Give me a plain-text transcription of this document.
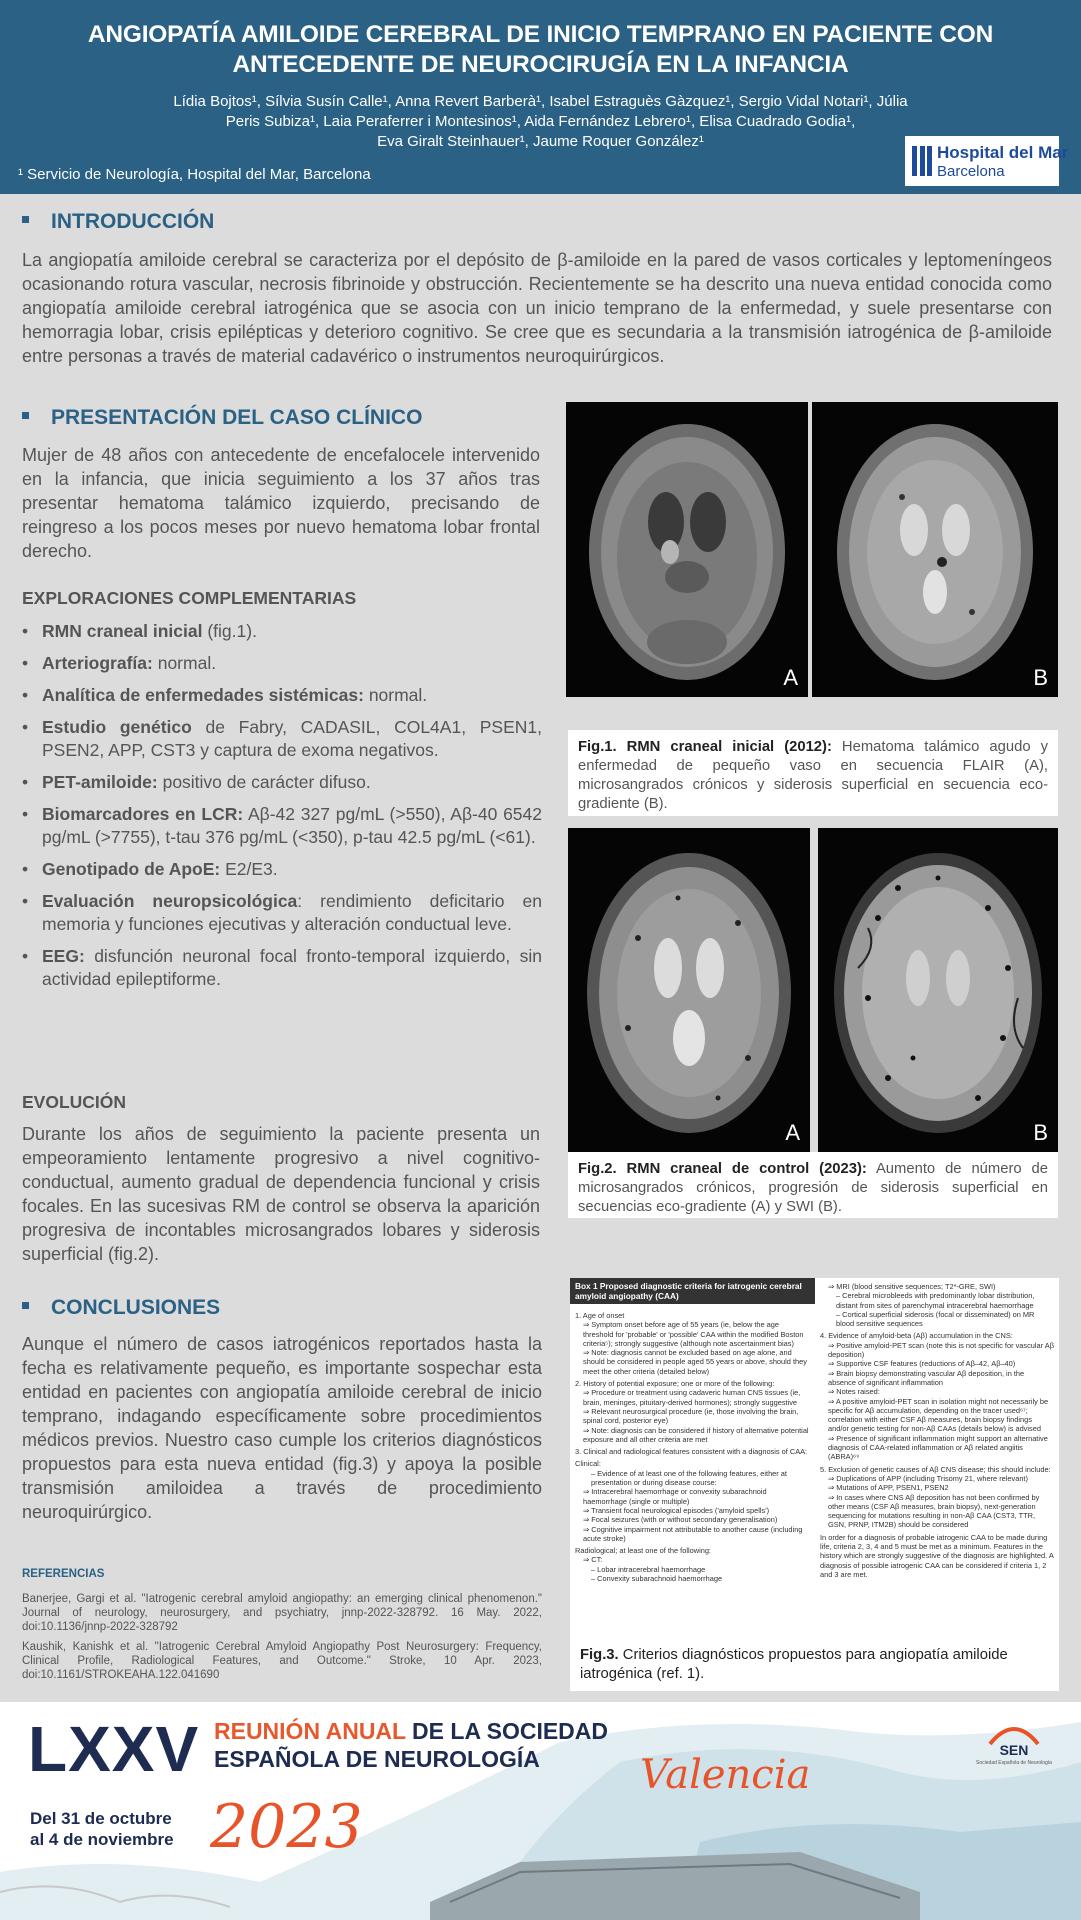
ANGIOPATÍA AMILOIDE CEREBRAL DE INICIO TEMPRANO EN PACIENTE CON
ANTECEDENTE DE NEUROCIRUGÍA EN LA INFANCIA
Lídia Bojtos¹, Sílvia Susín Calle¹, Anna Revert Barberà¹, Isabel Estraguès Gàzquez¹, Sergio Vidal Notari¹, Júlia
Peris Subiza¹, Laia Peraferrer i Montesinos¹, Aida Fernández Lebrero¹, Elisa Cuadrado Godia¹,
Eva Giralt Steinhauer¹, Jaume Roquer González¹
¹ Servicio de Neurología, Hospital del Mar, Barcelona
Hospital del Mar
Barcelona
INTRODUCCIÓN
La angiopatía amiloide cerebral se caracteriza por el depósito de β-amiloide en la pared de vasos corticales y leptomeníngeos ocasionando rotura vascular, necrosis fibrinoide y obstrucción. Recientemente se ha descrito una nueva entidad conocida como angiopatía amiloide cerebral iatrogénica que se asocia con un inicio temprano de la enfermedad, y suele presentarse con hemorragia lobar, crisis epilépticas y deterioro cognitivo. Se cree que es secundaria a la transmisión iatrogénica de β-amiloide entre personas a través de material cadavérico o instrumentos neuroquirúrgicos.
PRESENTACIÓN DEL CASO CLÍNICO
Mujer de 48 años con antecedente de encefalocele intervenido en la infancia, que inicia seguimiento a los 37 años tras presentar hematoma talámico izquierdo, precisando de reingreso a los pocos meses por nuevo hematoma lobar frontal derecho.
EXPLORACIONES COMPLEMENTARIAS
• RMN craneal inicial (fig.1).
• Arteriografía: normal.
• Analítica de enfermedades sistémicas: normal.
• Estudio genético de Fabry, CADASIL, COL4A1, PSEN1, PSEN2, APP, CST3 y captura de exoma negativos.
• PET-amiloide: positivo de carácter difuso.
• Biomarcadores en LCR: Aβ-42 327 pg/mL (>550), Aβ-40 6542 pg/mL (>7755), t-tau 376 pg/mL (<350), p-tau 42.5 pg/mL (<61).
• Genotipado de ApoE: E2/E3.
• Evaluación neuropsicológica: rendimiento deficitario en memoria y funciones ejecutivas y alteración conductual leve.
• EEG: disfunción neuronal focal fronto-temporal izquierdo, sin actividad epileptiforme.
EVOLUCIÓN
Durante los años de seguimiento la paciente presenta un empeoramiento lentamente progresivo a nivel cognitivo-conductual, aumento gradual de dependencia funcional y crisis focales. En las sucesivas RM de control se observa la aparición progresiva de incontables microsangrados lobares y siderosis superficial (fig.2).
CONCLUSIONES
Aunque el número de casos iatrogénicos reportados hasta la fecha es relativamente pequeño, es importante sospechar esta entidad en pacientes con angiopatía amiloide cerebral de inicio temprano, indagando específicamente sobre procedimientos médicos previos. Nuestro caso cumple los criterios diagnósticos propuestos para esta nueva entidad (fig.3) y apoya la posible transmisión amiloidea a través de procedimiento neuroquirúrgico.
REFERENCIAS

Banerjee, Gargi et al. "Iatrogenic cerebral amyloid angiopathy: an emerging clinical phenomenon." Journal of neurology, neurosurgery, and psychiatry, jnnp-2022-328792. 16 May. 2022, doi:10.1136/jnnp-2022-328792

Kaushik, Kanishk et al. "Iatrogenic Cerebral Amyloid Angiopathy Post Neurosurgery: Frequency, Clinical Profile, Radiological Features, and Outcome." Stroke, 10 Apr. 2023, doi:10.1161/STROKEAHA.122.041690

A	B
Fig.1. RMN craneal inicial (2012): Hematoma talámico agudo y enfermedad de pequeño vaso en secuencia FLAIR (A), microsangrados crónicos y siderosis superficial en secuencia eco-gradiente (B).
A	B
Fig.2. RMN craneal de control (2023): Aumento de número de microsangrados crónicos, progresión de siderosis superficial en secuencias eco-gradiente (A) y SWI (B).
Box 1 Proposed diagnostic criteria for iatrogenic cerebral amyloid angiopathy (CAA)
1. Age of onset
⇒ Symptom onset before age of 55 years (ie, below the age threshold for 'probable' or 'possible' CAA within the modified Boston criteria⁵); strongly suggestive (although note ascertainment bias)
⇒ Note: diagnosis cannot be excluded based on age alone, and should be considered in people aged 55 years or above, should they meet the other criteria (detailed below)
2. History of potential exposure; one or more of the following:
⇒ Procedure or treatment using cadaveric human CNS tissues (ie, brain, meninges, pituitary-derived hormones); strongly suggestive
⇒ Relevant neurosurgical procedure (ie, those involving the brain, spinal cord, posterior eye)
⇒ Note: diagnosis can be considered if history of alternative potential exposure and all other criteria are met
3. Clinical and radiological features consistent with a diagnosis of CAA:
Clinical:
– Evidence of at least one of the following features, either at presentation or during disease course:
⇒ Intracerebral haemorrhage or convexity subarachnoid haemorrhage (single or multiple)
⇒ Transient focal neurological episodes ('amyloid spells')
⇒ Focal seizures (with or without secondary generalisation)
⇒ Cognitive impairment not attributable to another cause (including acute stroke)
Radiological; at least one of the following:
⇒ CT:
– Lobar intracerebral haemorrhage
– Convexity subarachnoid haemorrhage
⇒ MRI (blood sensitive sequences; T2*-GRE, SWI)
– Cerebral microbleeds with predominantly lobar distribution, distant from sites of parenchymal intracerebral haemorrhage
– Cortical superficial siderosis (focal or disseminated) on MR blood sensitive sequences
4. Evidence of amyloid-beta (Aβ) accumulation in the CNS:
⇒ Positive amyloid-PET scan (note this is not specific for vascular Aβ deposition)
⇒ Supportive CSF features (reductions of Aβ–42, Aβ–40)
⇒ Brain biopsy demonstrating vascular Aβ deposition, in the absence of significant inflammation
⇒ Notes raised:
⇒ A positive amyloid-PET scan in isolation might not necessarily be specific for Aβ accumulation, depending on the tracer used⁶⁷; correlation with either CSF Aβ measures, brain biopsy findings and/or genetic testing for non-Aβ CAAs (details below) is advised
⇒ Presence of significant inflammation might support an alternative diagnosis of CAA-related inflammation or Aβ related angiitis (ABRA)⁶⁹
5. Exclusion of genetic causes of Aβ CNS disease; this should include:
⇒ Duplications of APP (including Trisomy 21, where relevant)
⇒ Mutations of APP, PSEN1, PSEN2
⇒ In cases where CNS Aβ deposition has not been confirmed by other means (CSF Aβ measures, brain biopsy), next-generation sequencing for mutations resulting in non-Aβ CAA (CST3, TTR, GSN, PRNP, ITM2B) should be considered
In order for a diagnosis of probable iatrogenic CAA to be made during life, criteria 2, 3, 4 and 5 must be met as a minimum. Features in the history which are strongly suggestive of the diagnosis are highlighted. A diagnosis of possible iatrogenic CAA can be considered if criteria 1, 2 and 3 are met.
Fig.3. Criterios diagnósticos propuestos para angiopatía amiloide iatrogénica (ref. 1).
LXXV REUNIÓN ANUAL DE LA SOCIEDAD
ESPAÑOLA DE NEUROLOGÍA
Del 31 de octubre
al 4 de noviembre 2023
Valencia
SEN
Sociedad Española de Neurología
